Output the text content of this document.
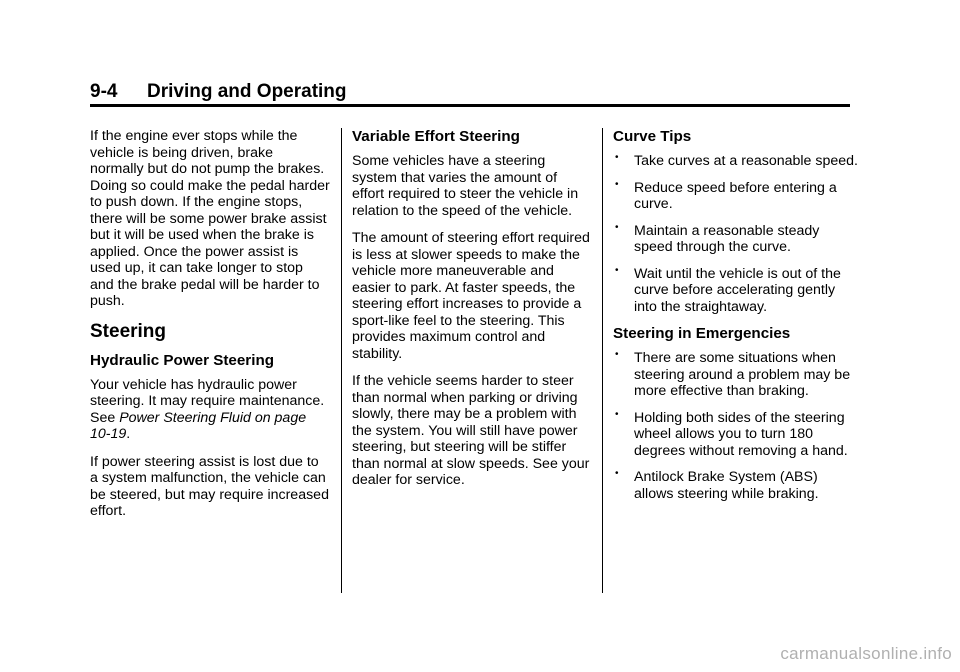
9-4 Driving and Operating

If the engine ever stops while the vehicle is being driven, brake normally but do not pump the brakes. Doing so could make the pedal harder to push down. If the engine stops, there will be some power brake assist but it will be used when the brake is applied. Once the power assist is used up, it can take longer to stop and the brake pedal will be harder to push.

Steering
Hydraulic Power Steering

Your vehicle has hydraulic power steering. It may require maintenance. See Power Steering Fluid on page 10-19.

If power steering assist is lost due to a system malfunction, the vehicle can be steered, but may require increased effort.

Variable Effort Steering

Some vehicles have a steering system that varies the amount of effort required to steer the vehicle in relation to the speed of the vehicle.

The amount of steering effort required is less at slower speeds to make the vehicle more maneuverable and easier to park. At faster speeds, the steering effort increases to provide a sport-like feel to the steering. This provides maximum control and stability.

If the vehicle seems harder to steer than normal when parking or driving slowly, there may be a problem with the system. You will still have power steering, but steering will be stiffer than normal at slow speeds. See your dealer for service.

Curve Tips
• Take curves at a reasonable speed.
• Reduce speed before entering a curve.
• Maintain a reasonable steady speed through the curve.
• Wait until the vehicle is out of the curve before accelerating gently into the straightaway.
Steering in Emergencies
• There are some situations when steering around a problem may be more effective than braking.
• Holding both sides of the steering wheel allows you to turn 180 degrees without removing a hand.
• Antilock Brake System (ABS) allows steering while braking.
carmanualsonline.info
